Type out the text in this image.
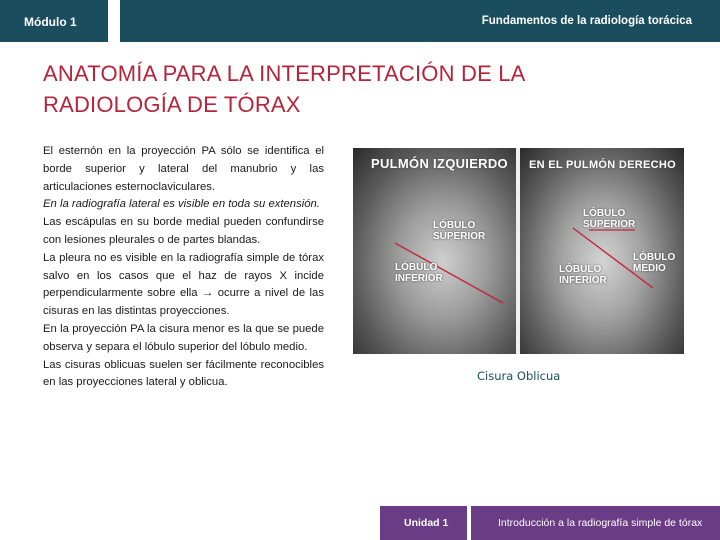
Módulo 1	Fundamentos de la radiología torácica
ANATOMÍA PARA LA INTERPRETACIÓN DE LA RADIOLOGÍA DE TÓRAX

El esternón en la proyección PA sólo se identifica el borde superior y lateral del manubrio y las articulaciones esternoclaviculares.

En la radiografía lateral es visible en toda su extensión.

Las escápulas en su borde medial pueden confundirse con lesiones pleurales o de partes blandas.

La pleura no es visible en la radiografía simple de tórax salvo en los casos que el haz de rayos X incide perpendicularmente sobre ella → ocurre a nivel de las cisuras en las distintas proyecciones.

En la proyección PA la cisura menor es la que se puede observa y separa el lóbulo superior del lóbulo medio.

Las cisuras oblicuas suelen ser fácilmente reconocibles en las proyecciones lateral y oblicua.

PULMÓN IZQUIERDO EN EL PULMÓN DERECHO
LÓBULO SUPERIOR
LÓBULO INFERIOR
LÓBULO SUPERIOR
LÓBULO MEDIO
LÓBULO INFERIOR
Cisura Oblicua
Unidad 1	Introducción a la radiografía simple de tórax
